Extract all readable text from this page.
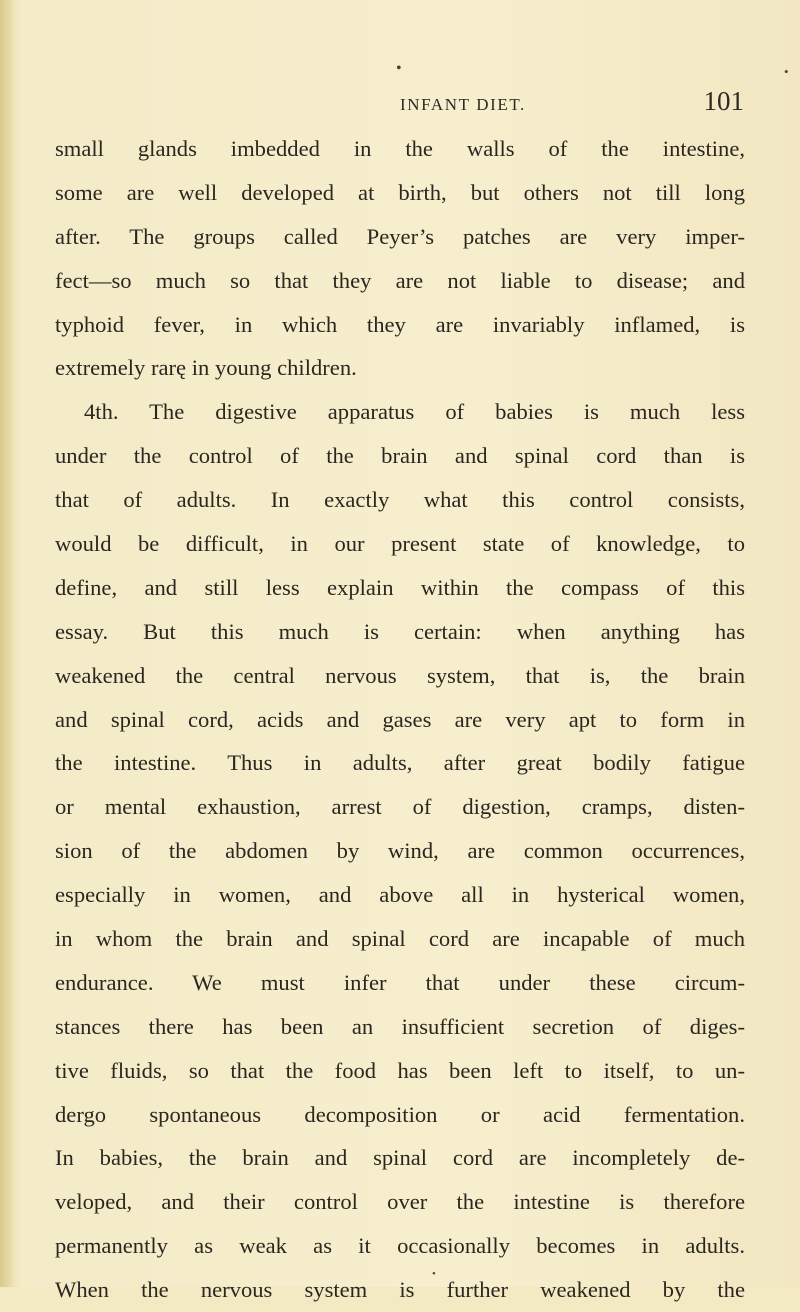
•	•
•
INFANT DIET.	101
small glands imbedded in the walls of the intestine,
some are well developed at birth, but others not till long
after. The groups called Peyer’s patches are very imper-
fect—so much so that they are not liable to disease; and
typhoid fever, in which they are invariably inflamed, is
extremely rarę in young children.
4th. The digestive apparatus of babies is much less
under the control of the brain and spinal cord than is
that of adults. In exactly what this control consists,
would be difficult, in our present state of knowledge, to
define, and still less explain within the compass of this
essay. But this much is certain: when anything has
weakened the central nervous system, that is, the brain
and spinal cord, acids and gases are very apt to form in
the intestine. Thus in adults, after great bodily fatigue
or mental exhaustion, arrest of digestion, cramps, disten-
sion of the abdomen by wind, are common occurrences,
especially in women, and above all in hysterical women,
in whom the brain and spinal cord are incapable of much
endurance. We must infer that under these circum-
stances there has been an insufficient secretion of diges-
tive fluids, so that the food has been left to itself, to un-
dergo spontaneous decomposition or acid fermentation.
In babies, the brain and spinal cord are incompletely de-
veloped, and their control over the intestine is therefore
permanently as weak as it occasionally becomes in adults.
When the nervous system is further weakened by the
